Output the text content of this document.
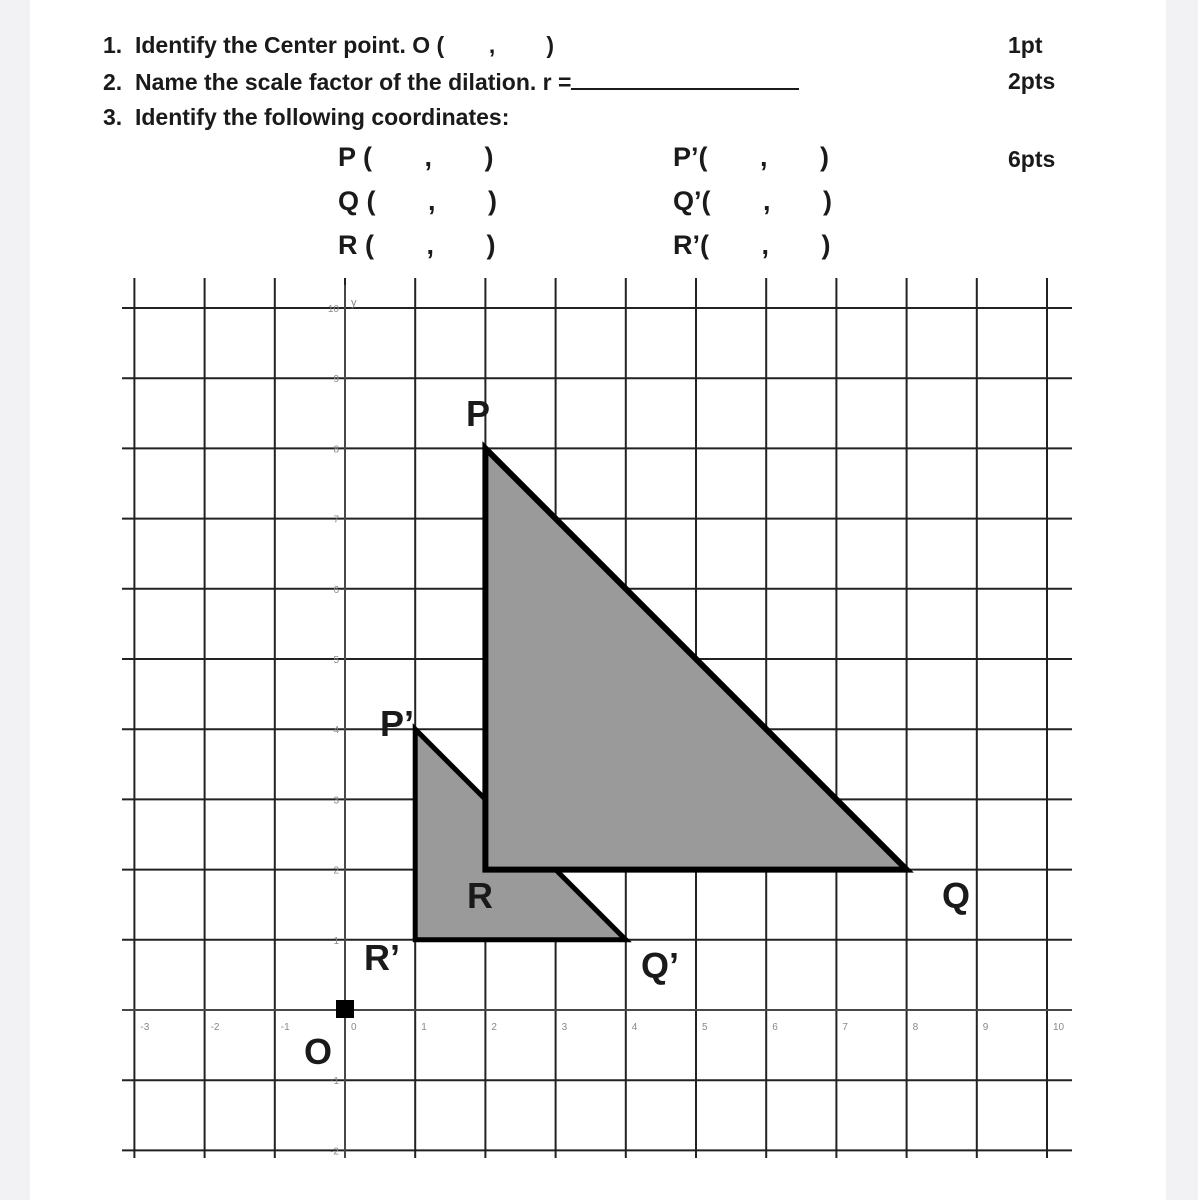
1.  Identify the Center point. O (       ,        )
2.  Name the scale factor of the dilation. r =
3.  Identify the following coordinates:
1pt
2pts
6pts
P (       ,       )
Q (       ,       )
R (       ,       )
P’(       ,       )
Q’(       ,       )
R’(       ,       )
-3	-2	-1	0	1	2	3	4	5	6	7	8	9	10
10
9
8
7
6
5
4
3
2
1
-1
-2
y
P
R	Q
P’
R’	Q’
O
